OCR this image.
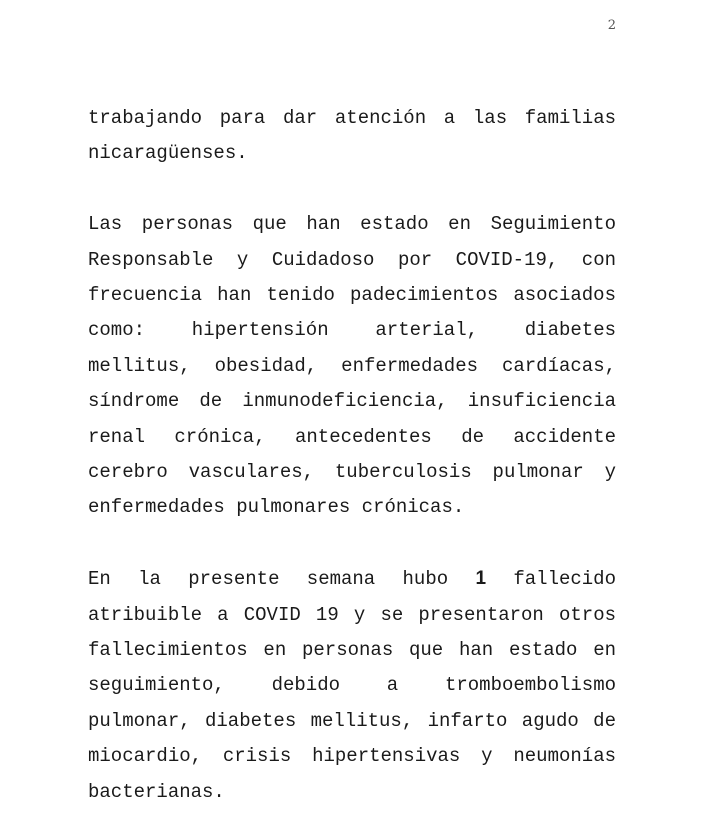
2

trabajando para dar atención a las familias nicaragüenses.

Las personas que han estado en Seguimiento Responsable y Cuidadoso por COVID-19, con frecuencia han tenido padecimientos asociados como: hipertensión arterial, diabetes mellitus, obesidad, enfermedades cardíacas, síndrome de inmunodeficiencia, insuficiencia renal crónica, antecedentes de accidente cerebro vasculares, tuberculosis pulmonar y enfermedades pulmonares crónicas.

En la presente semana hubo 1 fallecido atribuible a COVID 19 y se presentaron otros fallecimientos en personas que han estado en seguimiento, debido a tromboembolismo pulmonar, diabetes mellitus, infarto agudo de miocardio, crisis hipertensivas y neumonías bacterianas.
